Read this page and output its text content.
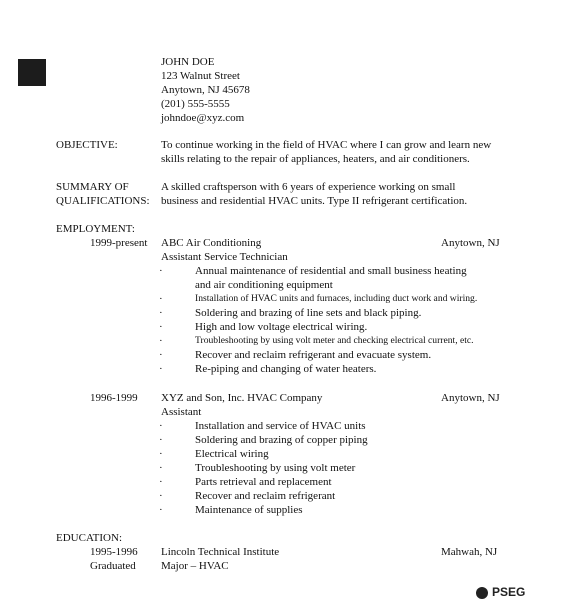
JOHN DOE
123 Walnut Street
Anytown, NJ 45678
(201) 555-5555
johndoe@xyz.com
OBJECTIVE:	To continue working in the field of HVAC where I can grow and learn new
skills relating to the repair of appliances, heaters, and air conditioners.
SUMMARY OF
QUALIFICATIONS:
A skilled craftsperson with 6 years of experience working on small
business and residential HVAC units. Type II refrigerant certification.
EMPLOYMENT:
1999-present ABC Air Conditioning	Anytown, NJ
Assistant Service Technician
·	Annual maintenance of residential and small business heating
and air conditioning equipment
·	Installation of HVAC units and furnaces, including duct work and wiring.
·	Soldering and brazing of line sets and black piping.
·	High and low voltage electrical wiring.
·	Troubleshooting by using volt meter and checking electrical current, etc.
·	Recover and reclaim refrigerant and evacuate system.
·	Re-piping and changing of water heaters.
1996-1999 XYZ and Son, Inc. HVAC Company	Anytown, NJ
Assistant
·	Installation and service of HVAC units
·	Soldering and brazing of copper piping
·	Electrical wiring
·	Troubleshooting by using volt meter
·	Parts retrieval and replacement
·	Recover and reclaim refrigerant
·	Maintenance of supplies
EDUCATION:
1995-1996 Lincoln Technical Institute	Mahwah, NJ
Graduated Major – HVAC
PSEG
